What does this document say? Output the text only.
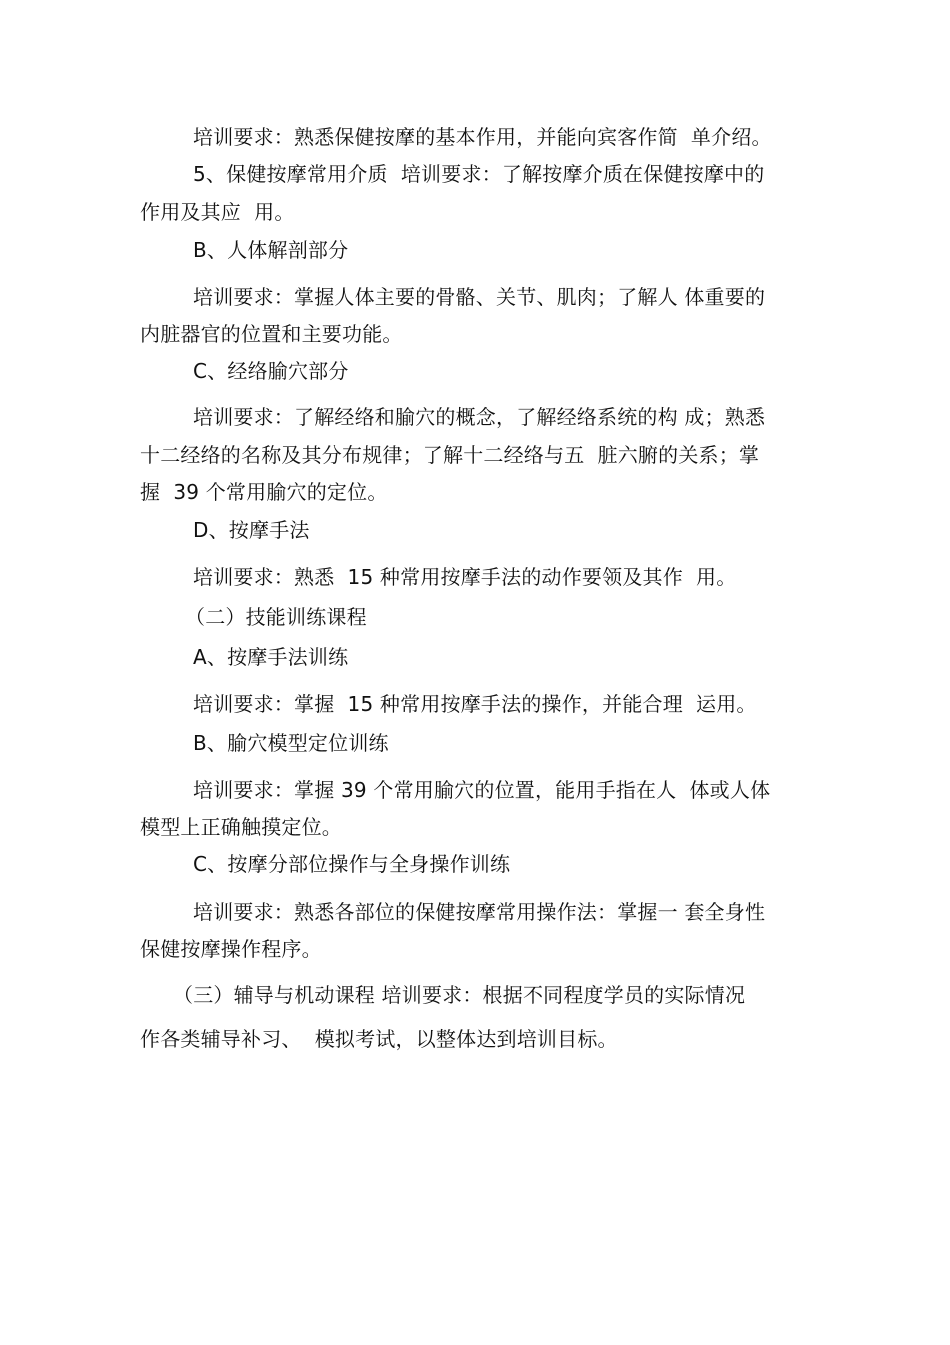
培训要求：熟悉保健按摩的基本作用，并能向宾客作简  单介绍。
5、保健按摩常用介质  培训要求：了解按摩介质在保健按摩中的
作用及其应  用。
B、人体解剖部分
培训要求：掌握人体主要的骨骼、关节、肌肉；了解人 体重要的
内脏器官的位置和主要功能。
C、经络腧穴部分
培训要求：了解经络和腧穴的概念，了解经络系统的构 成；熟悉
十二经络的名称及其分布规律；了解十二经络与五  脏六腑的关系；掌
握  39 个常用腧穴的定位。
D、按摩手法
培训要求：熟悉  15 种常用按摩手法的动作要领及其作  用。
（二）技能训练课程
A、按摩手法训练
培训要求：掌握  15 种常用按摩手法的操作，并能合理  运用。
B、腧穴模型定位训练
培训要求：掌握 39 个常用腧穴的位置，能用手指在人  体或人体
模型上正确触摸定位。
C、按摩分部位操作与全身操作训练
培训要求：熟悉各部位的保健按摩常用操作法：掌握一 套全身性
保健按摩操作程序。
（三）辅导与机动课程 培训要求：根据不同程度学员的实际情况
作各类辅导补习、  模拟考试，以整体达到培训目标。
